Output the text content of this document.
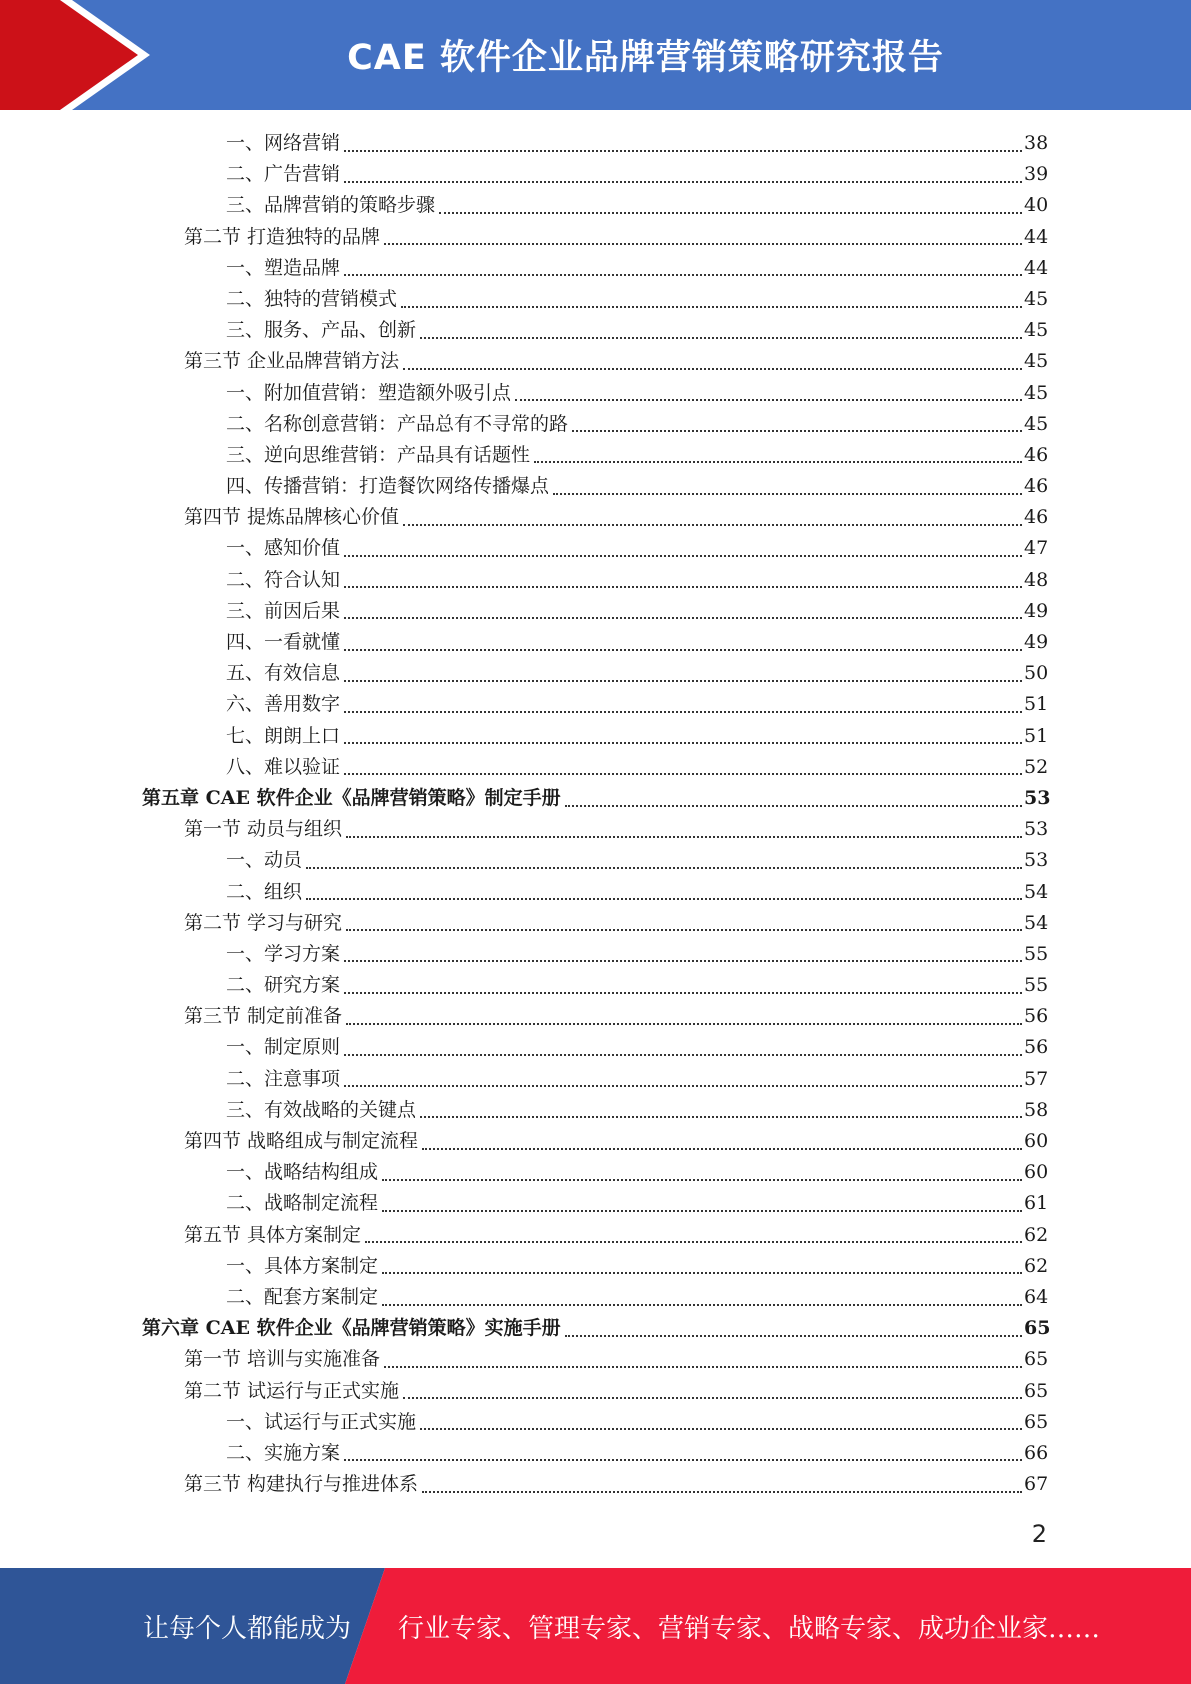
CAE 软件企业品牌营销策略研究报告
一、网络营销	38
二、广告营销	39
三、品牌营销的策略步骤	40
第二节 打造独特的品牌	44
一、塑造品牌	44
二、独特的营销模式	45
三、服务、产品、创新	45
第三节 企业品牌营销方法	45
一、附加值营销：塑造额外吸引点	45
二、名称创意营销：产品总有不寻常的路	45
三、逆向思维营销：产品具有话题性	46
四、传播营销：打造餐饮网络传播爆点	46
第四节 提炼品牌核心价值	46
一、感知价值	47
二、符合认知	48
三、前因后果	49
四、一看就懂	49
五、有效信息	50
六、善用数字	51
七、朗朗上口	51
八、难以验证	52
第五章 CAE 软件企业《品牌营销策略》制定手册	53
第一节 动员与组织	53
一、动员	53
二、组织	54
第二节 学习与研究	54
一、学习方案	55
二、研究方案	55
第三节 制定前准备	56
一、制定原则	56
二、注意事项	57
三、有效战略的关键点	58
第四节 战略组成与制定流程	60
一、战略结构组成	60
二、战略制定流程	61
第五节 具体方案制定	62
一、具体方案制定	62
二、配套方案制定	64
第六章 CAE 软件企业《品牌营销策略》实施手册	65
第一节 培训与实施准备	65
第二节 试运行与正式实施	65
一、试运行与正式实施	65
二、实施方案	66
第三节 构建执行与推进体系	67
2
让每个人都能成为 行业专家、管理专家、营销专家、战略专家、成功企业家……
